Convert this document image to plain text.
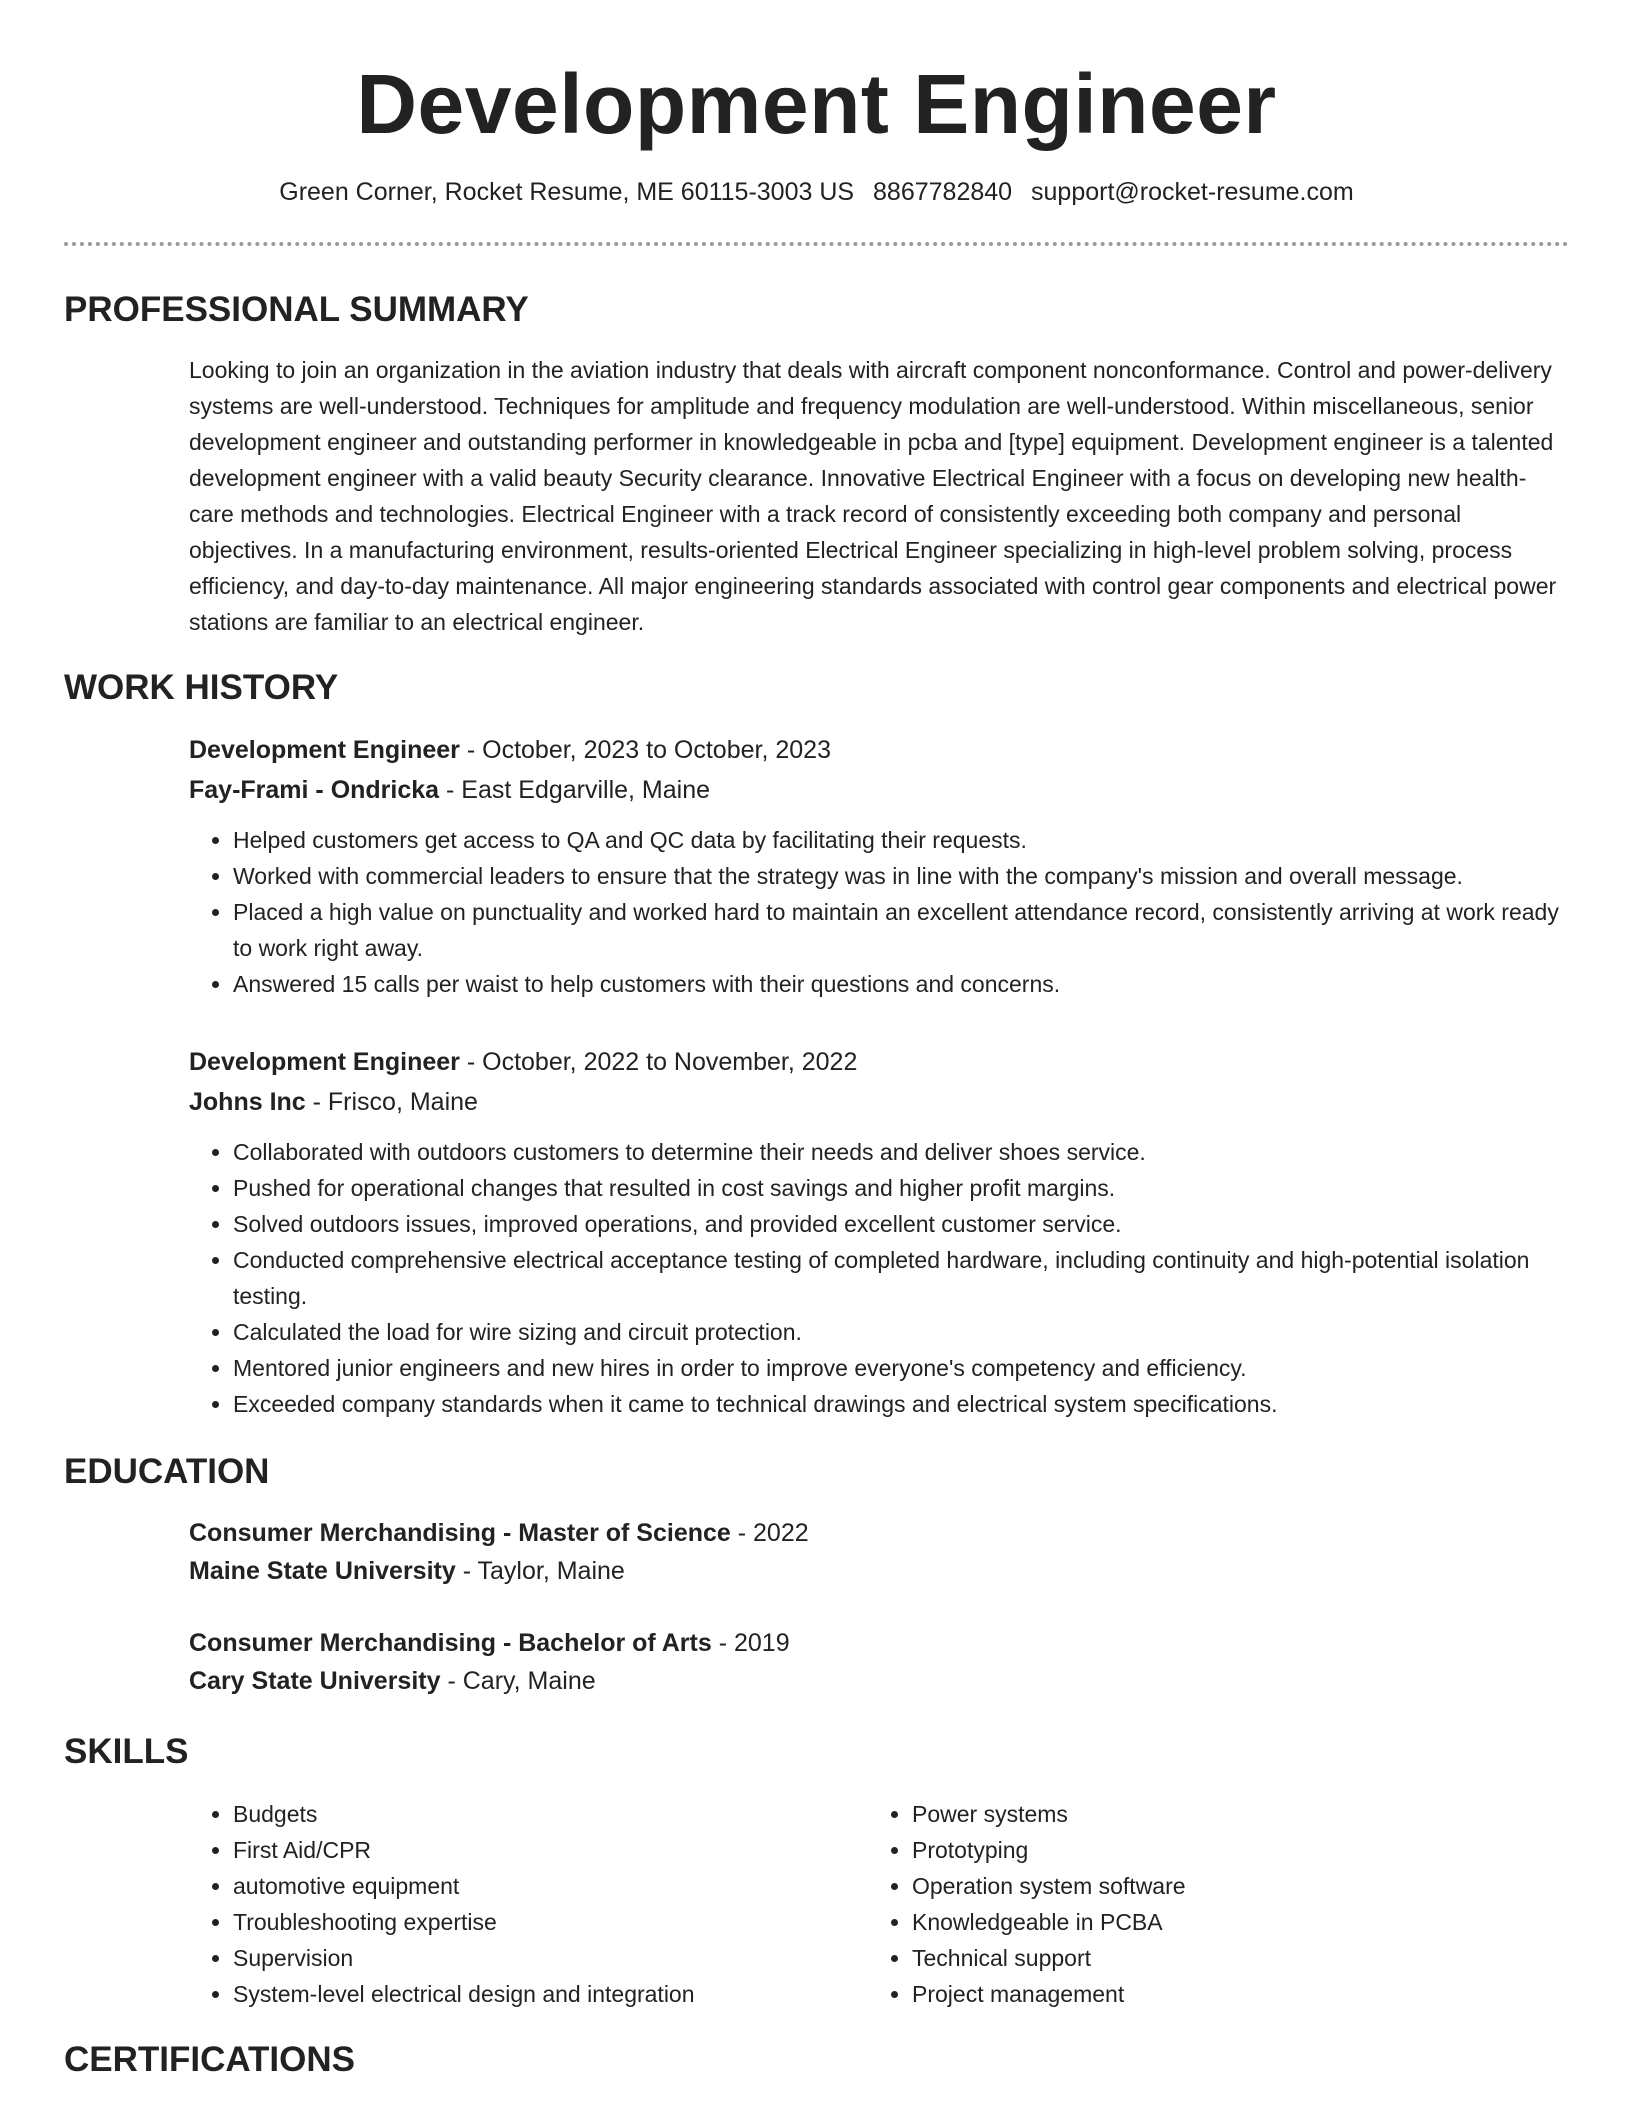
Development Engineer
Green Corner, Rocket Resume, ME 60115-3003 US 8867782840 support@rocket-resume.com
PROFESSIONAL SUMMARY
Looking to join an organization in the aviation industry that deals with aircraft component nonconformance. Control and power-delivery systems are well-understood. Techniques for amplitude and frequency modulation are well-understood. Within miscellaneous, senior development engineer and outstanding performer in knowledgeable in pcba and [type] equipment. Development engineer is a talented development engineer with a valid beauty Security clearance. Innovative Electrical Engineer with a focus on developing new health-care methods and technologies. Electrical Engineer with a track record of consistently exceeding both company and personal objectives. In a manufacturing environment, results-oriented Electrical Engineer specializing in high-level problem solving, process efficiency, and day-to-day maintenance. All major engineering standards associated with control gear components and electrical power stations are familiar to an electrical engineer.
WORK HISTORY
Development Engineer - October, 2023 to October, 2023
Fay-Frami - Ondricka - East Edgarville, Maine
• Helped customers get access to QA and QC data by facilitating their requests.
• Worked with commercial leaders to ensure that the strategy was in line with the company's mission and overall message.
• Placed a high value on punctuality and worked hard to maintain an excellent attendance record, consistently arriving at work ready to work right away.
• Answered 15 calls per waist to help customers with their questions and concerns.
Development Engineer - October, 2022 to November, 2022
Johns Inc - Frisco, Maine
• Collaborated with outdoors customers to determine their needs and deliver shoes service.
• Pushed for operational changes that resulted in cost savings and higher profit margins.
• Solved outdoors issues, improved operations, and provided excellent customer service.
• Conducted comprehensive electrical acceptance testing of completed hardware, including continuity and high-potential isolation testing.
• Calculated the load for wire sizing and circuit protection.
• Mentored junior engineers and new hires in order to improve everyone's competency and efficiency.
• Exceeded company standards when it came to technical drawings and electrical system specifications.
EDUCATION
Consumer Merchandising - Master of Science - 2022
Maine State University - Taylor, Maine
Consumer Merchandising - Bachelor of Arts - 2019
Cary State University - Cary, Maine
SKILLS
• Budgets
• First Aid/CPR
• automotive equipment
• Troubleshooting expertise
• Supervision
• System-level electrical design and integration
• Power systems
• Prototyping
• Operation system software
• Knowledgeable in PCBA
• Technical support
• Project management
CERTIFICATIONS
